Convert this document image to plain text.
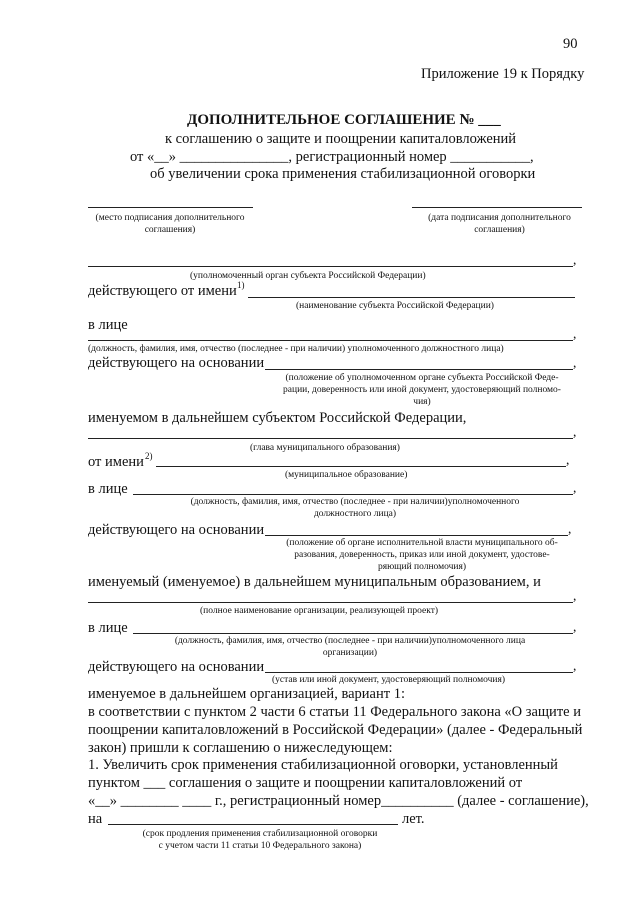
90
Приложение 19 к Порядку
ДОПОЛНИТЕЛЬНОЕ СОГЛАШЕНИЕ № ___
к соглашению о защите и поощрении капиталовложений
от «__» _______________, регистрационный номер ___________,
об увеличении срока применения стабилизационной оговорки
(место подписания дополнительного
соглашения)
(дата подписания дополнительного
соглашения)
,
(уполномоченный орган субъекта Российской Федерации)
действующего от имени 1)
(наименование субъекта Российской Федерации)
в лице
,
(должность, фамилия, имя, отчество (последнее - при наличии) уполномоченного должностного лица)
действующего на основании	,
(положение об уполномоченном органе субъекта Российской Феде-
рации, доверенность или иной документ, удостоверяющий полномо-
чия)
именуемом в дальнейшем субъектом Российской Федерации,
,
(глава муниципального образования)
от имени 2)	,
(муниципальное образование)
в лице	,
(должность, фамилия, имя, отчество (последнее - при наличии)уполномоченного
должностного лица)
действующего на основании	,
(положение об органе исполнительной власти муниципального об-
разования, доверенность, приказ или иной документ, удостове-
ряющий полномочия)
именуемый (именуемое) в дальнейшем муниципальным образованием, и
,
(полное наименование организации, реализующей проект)
в лице	,
(должность, фамилия, имя, отчество (последнее - при наличии)уполномоченного лица
организации)
действующего на основании	,
(устав или иной документ, удостоверяющий полномочия)
именуемое в дальнейшем организацией, вариант 1:
в соответствии с пунктом 2 части 6 статьи 11 Федерального закона «О защите и
поощрении капиталовложений в Российской Федерации» (далее - Федеральный
закон) пришли к соглашению о нижеследующем:
1. Увеличить срок применения стабилизационной оговорки, установленный
пунктом ___ соглашения о защите и поощрении капиталовложений от
«__» ________ ____ г., регистрационный номер__________ (далее - соглашение),
на	лет.
(срок продления применения стабилизационной оговорки
с учетом части 11 статьи 10 Федерального закона)
